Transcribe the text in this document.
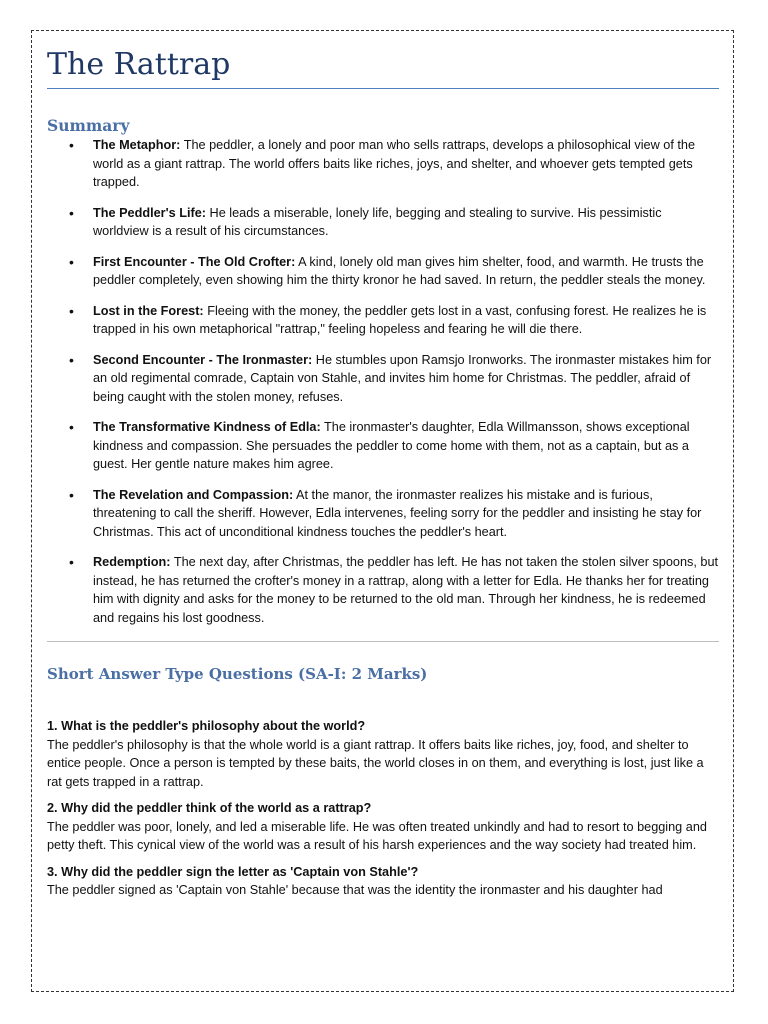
The Rattrap
Summary
• The Metaphor: The peddler, a lonely and poor man who sells rattraps, develops a philosophical view of the world as a giant rattrap. The world offers baits like riches, joys, and shelter, and whoever gets tempted gets trapped.
• The Peddler's Life: He leads a miserable, lonely life, begging and stealing to survive. His pessimistic worldview is a result of his circumstances.
• First Encounter - The Old Crofter: A kind, lonely old man gives him shelter, food, and warmth. He trusts the peddler completely, even showing him the thirty kronor he had saved. In return, the peddler steals the money.
• Lost in the Forest: Fleeing with the money, the peddler gets lost in a vast, confusing forest. He realizes he is trapped in his own metaphorical "rattrap," feeling hopeless and fearing he will die there.
• Second Encounter - The Ironmaster: He stumbles upon Ramsjo Ironworks. The ironmaster mistakes him for an old regimental comrade, Captain von Stahle, and invites him home for Christmas. The peddler, afraid of being caught with the stolen money, refuses.
• The Transformative Kindness of Edla: The ironmaster's daughter, Edla Willmansson, shows exceptional kindness and compassion. She persuades the peddler to come home with them, not as a captain, but as a guest. Her gentle nature makes him agree.
• The Revelation and Compassion: At the manor, the ironmaster realizes his mistake and is furious, threatening to call the sheriff. However, Edla intervenes, feeling sorry for the peddler and insisting he stay for Christmas. This act of unconditional kindness touches the peddler's heart.
• Redemption: The next day, after Christmas, the peddler has left. He has not taken the stolen silver spoons, but instead, he has returned the crofter's money in a rattrap, along with a letter for Edla. He thanks her for treating him with dignity and asks for the money to be returned to the old man. Through her kindness, he is redeemed and regains his lost goodness.
Short Answer Type Questions (SA-I: 2 Marks)
1. What is the peddler's philosophy about the world?
The peddler's philosophy is that the whole world is a giant rattrap. It offers baits like riches, joy, food, and shelter to entice people. Once a person is tempted by these baits, the world closes in on them, and everything is lost, just like a rat gets trapped in a rattrap.
2. Why did the peddler think of the world as a rattrap?
The peddler was poor, lonely, and led a miserable life. He was often treated unkindly and had to resort to begging and petty theft. This cynical view of the world was a result of his harsh experiences and the way society had treated him.
3. Why did the peddler sign the letter as 'Captain von Stahle'?
The peddler signed as 'Captain von Stahle' because that was the identity the ironmaster and his daughter had
